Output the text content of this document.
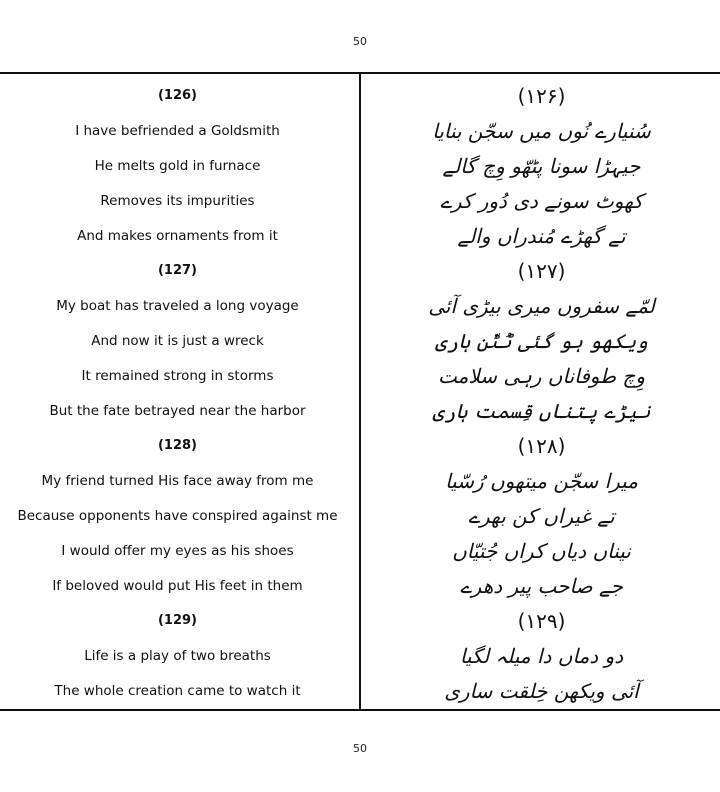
50
(126)
I have befriended a Goldsmith
He melts gold in furnace
Removes its impurities
And makes ornaments from it
(127)
My boat has traveled a long voyage
And now it is just a wreck
It remained strong in storms
But the fate betrayed near the harbor
(128)
My friend turned His face away from me
Because opponents have conspired against me
I would offer my eyes as his shoes
If beloved would put His feet in them
(129)
Life is a play of two breaths
The whole creation came to watch it
(۱۲۶)
سُنیارے نُوں میں سجّن بنایا
جیہڑا سونا پٹھّو وِچ گالے
کھوٹ سونے دی دُور کرے
تے گھڑے مُندراں والے
(۱۲۷)
لمّے سفروں میری بیڑی آئی
ویکھو ہو گئی ٹُٹّن ہاری
وِچ طوفاناں رہی سلامت
نیڑے پتناں قِسمت ہاری
(۱۲۸)
میرا سجّن میتھوں رُسّیا
تے غیراں کن بھرے
نیناں دیاں کراں جُتیّاں
جے صاحب پیر دھرے
(۱۲۹)
دو دماں دا میلہ لگیا
آئی ویکھن خِلقت ساری
50
